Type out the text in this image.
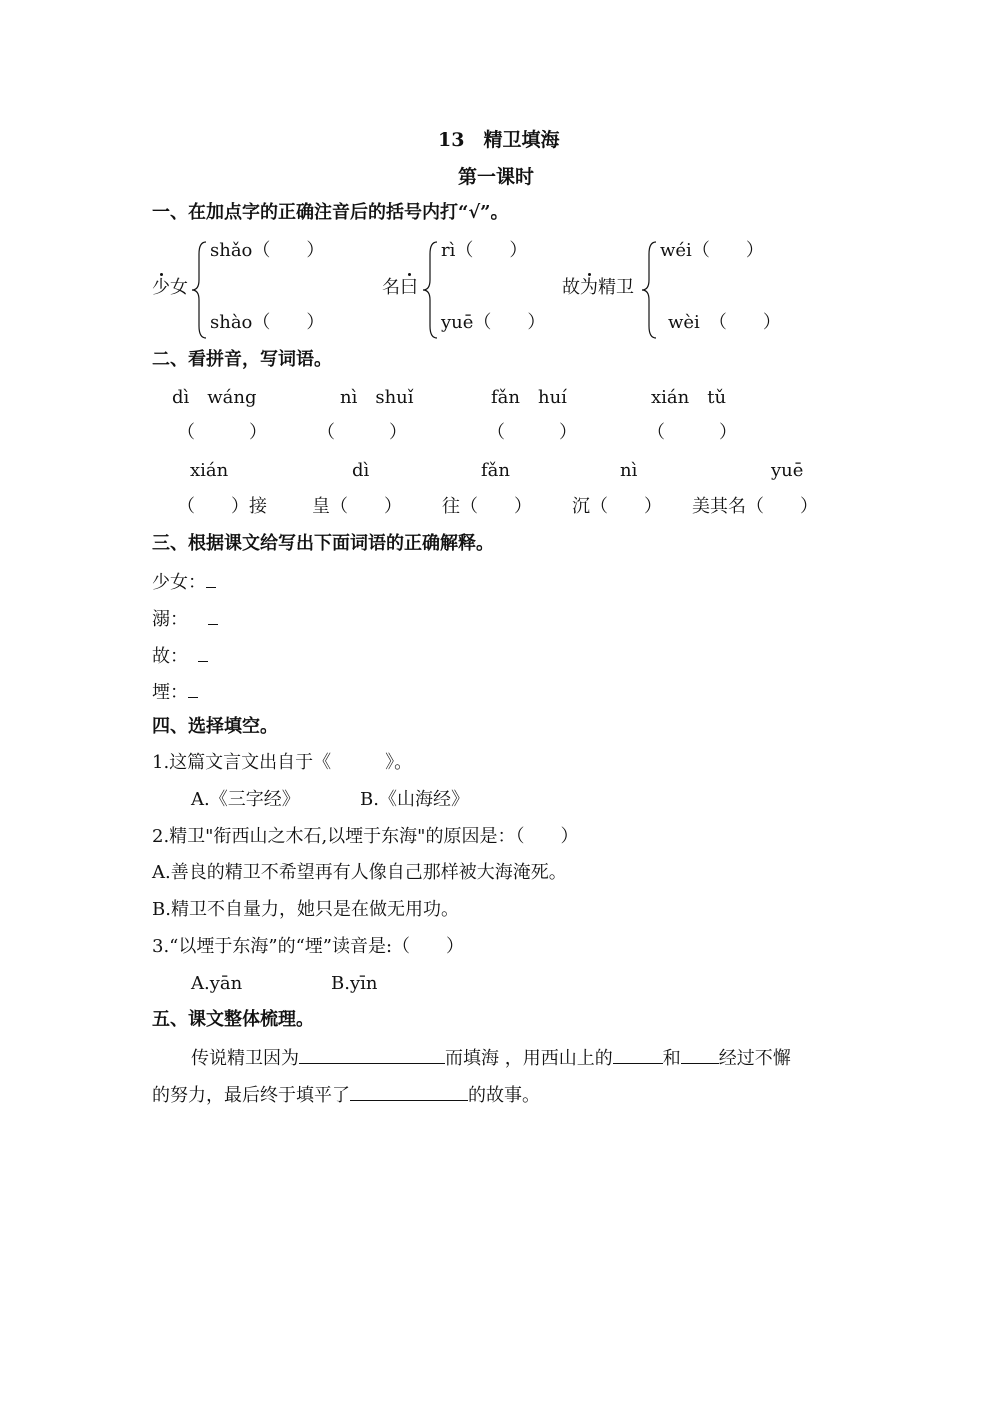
13　精卫填海
第一课时
一、在加点字的正确注音后的括号内打“√”。
少女
shǎo（　　）
shào（　　）
名曰
rì（　　）
yuē（　　）
故为精卫
wéi（　　）
wèi　（　　）
二、看拼音，写词语。
dì　wáng	nì　shuǐ	fǎn　huí	xián　tǔ
（　　　）	（　　　）	（　　　）	（　　　）
xián	dì	fǎn	nì	yuē
（　　）接	皇（　　） 往（　　） 沉（　　） 美其名（　　）
三、根据课文给写出下面词语的正确解释。
少女：
溺：
故：
堙：
四、选择填空。
1.这篇文言文出自于《　　　》。
A.《三字经》	B.《山海经》
2.精卫"衔西山之木石,以堙于东海"的原因是：（　　）
A.善良的精卫不希望再有人像自己那样被大海淹死。
B.精卫不自量力，她只是在做无用功。
3.“以堙于东海”的“堙”读音是:（　　）
A.yān	B.yīn
五、课文整体梳理。
传说精卫因为	而填海 ，用西山上的	和 经过不懈
的努力，最后终于填平了	的故事。
